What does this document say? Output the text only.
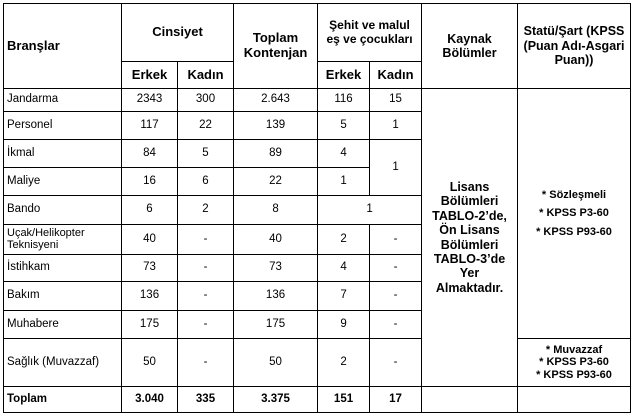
Branşlar	Cinsiyet		Toplam Kontenjan	Şehit ve malul eş ve çocukları		Kaynak Bölümler	Statü/Şart (KPSS (Puan Adı-Asgari Puan))
	Erkek	Kadın		Erkek	Kadın		
Jandarma	2343	300	2.643	116	15	Lisans Bölümleri TABLO-2’de, Ön Lisans Bölümleri TABLO-3’de Yer Almaktadır.	* Sözleşmeli
* KPSS P3-60
* KPSS P93-60

Personel	117	22	139	5	1		
İkmal	84	5	89	4	1		
Maliye	16	6	22	1			
Bando	6	2	8	1			
Uçak/Helikopter Teknisyeni	40	-	40	2	-		
İstihkam	73	-	73	4	-		
Bakım	136	-	136	7	-		
Muhabere	175	-	175	9	-		
Sağlık (Muvazzaf)	50	-	50	2	-		* Muvazzaf
* KPSS P3-60
* KPSS P93-60

Toplam	3.040	335	3.375	151	17		
